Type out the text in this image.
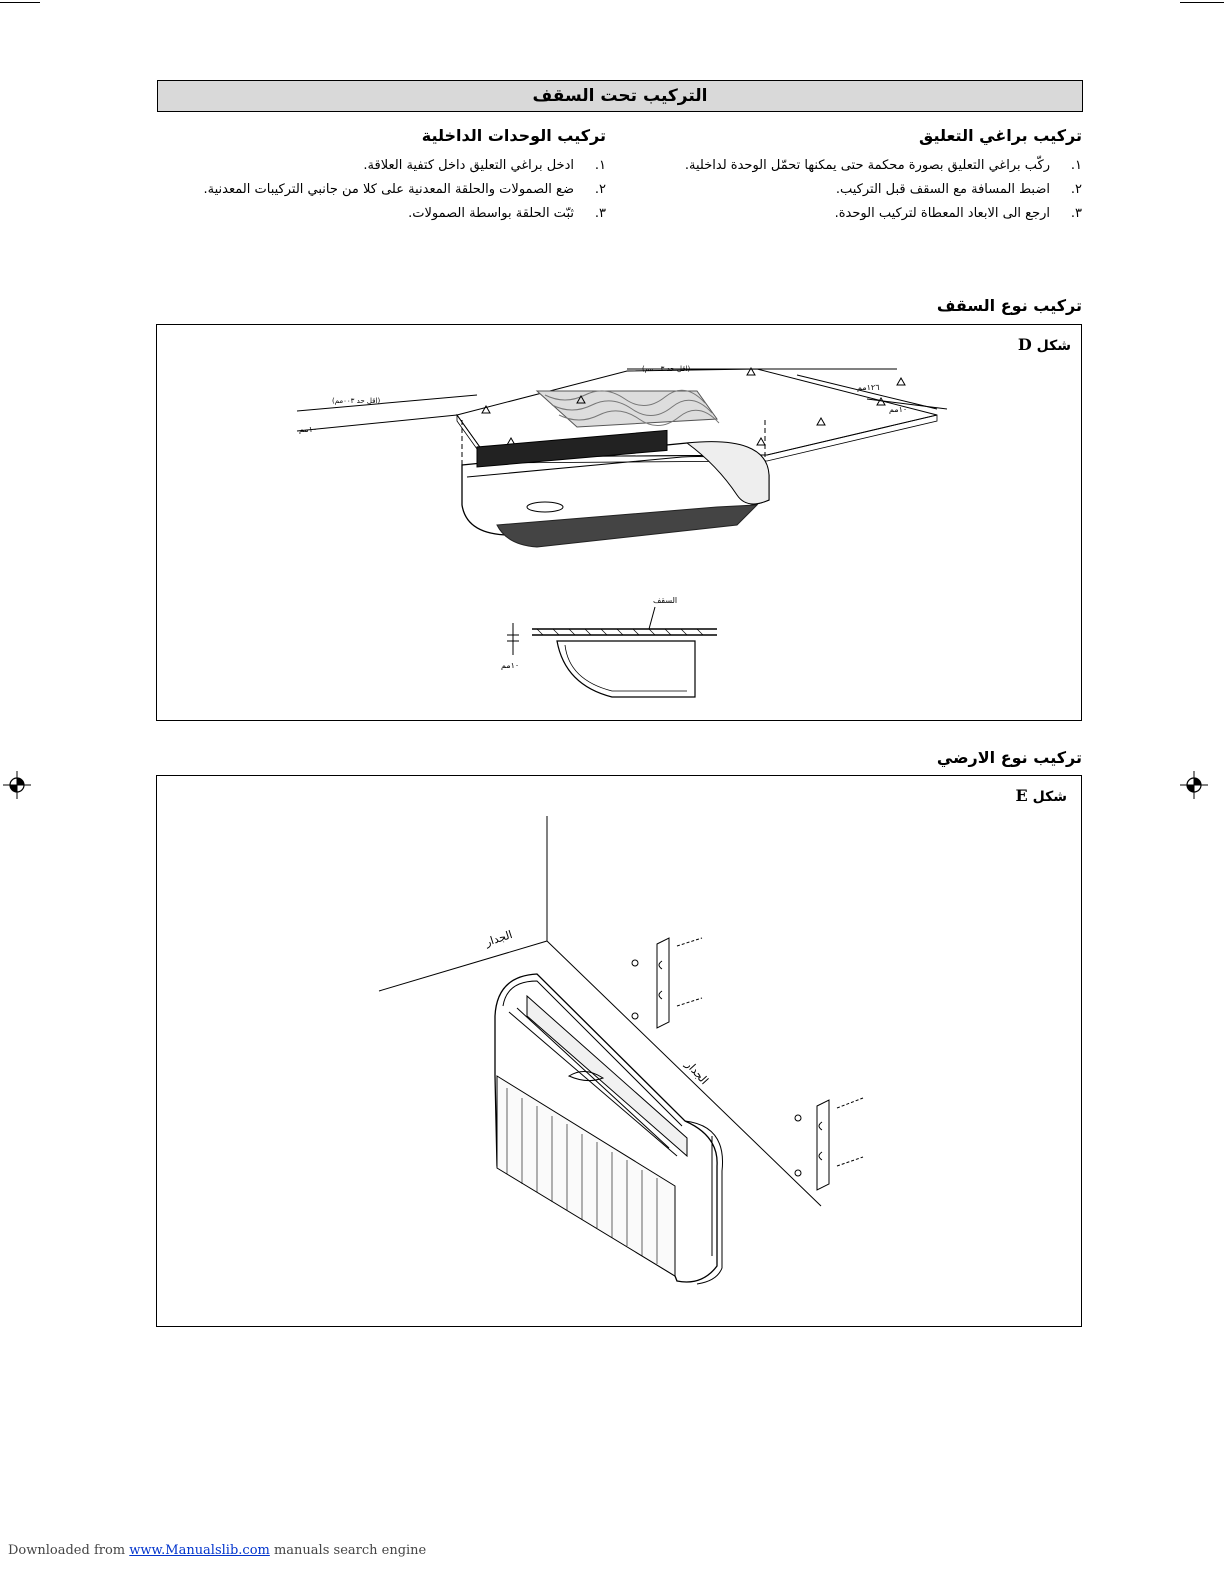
التركيب تحت السقف
تركيب براغي التعليق
١.
ركّب براغي التعليق بصورة محكمة حتى يمكنها تحمّل الوحدة لداخلية.
٢.
اضبط المسافة مع السقف قبل التركيب.
٣.
ارجع الى الابعاد المعطاة لتركيب الوحدة.
تركيب الوحدات الداخلية
١.
ادخل براغي التعليق داخل كتفية العلاقة.
٢.
ضع الصمولات والحلقة المعدنية على كلا من جانبي التركيبات المعدنية.
٣.
ثبّت الحلقة بواسطة الصمولات.
تركيب نوع السقف
شكل D
(اقل حد ٠٠٣مم)
(اقل حد ٠٠٣مم)
١٢٦مم
١٠مم
١٠مم
السقف
١٠مم
تركيب نوع الارضي
شكل E
الجدار
الجدار
Downloaded from www.Manualslib.com manuals search engine
